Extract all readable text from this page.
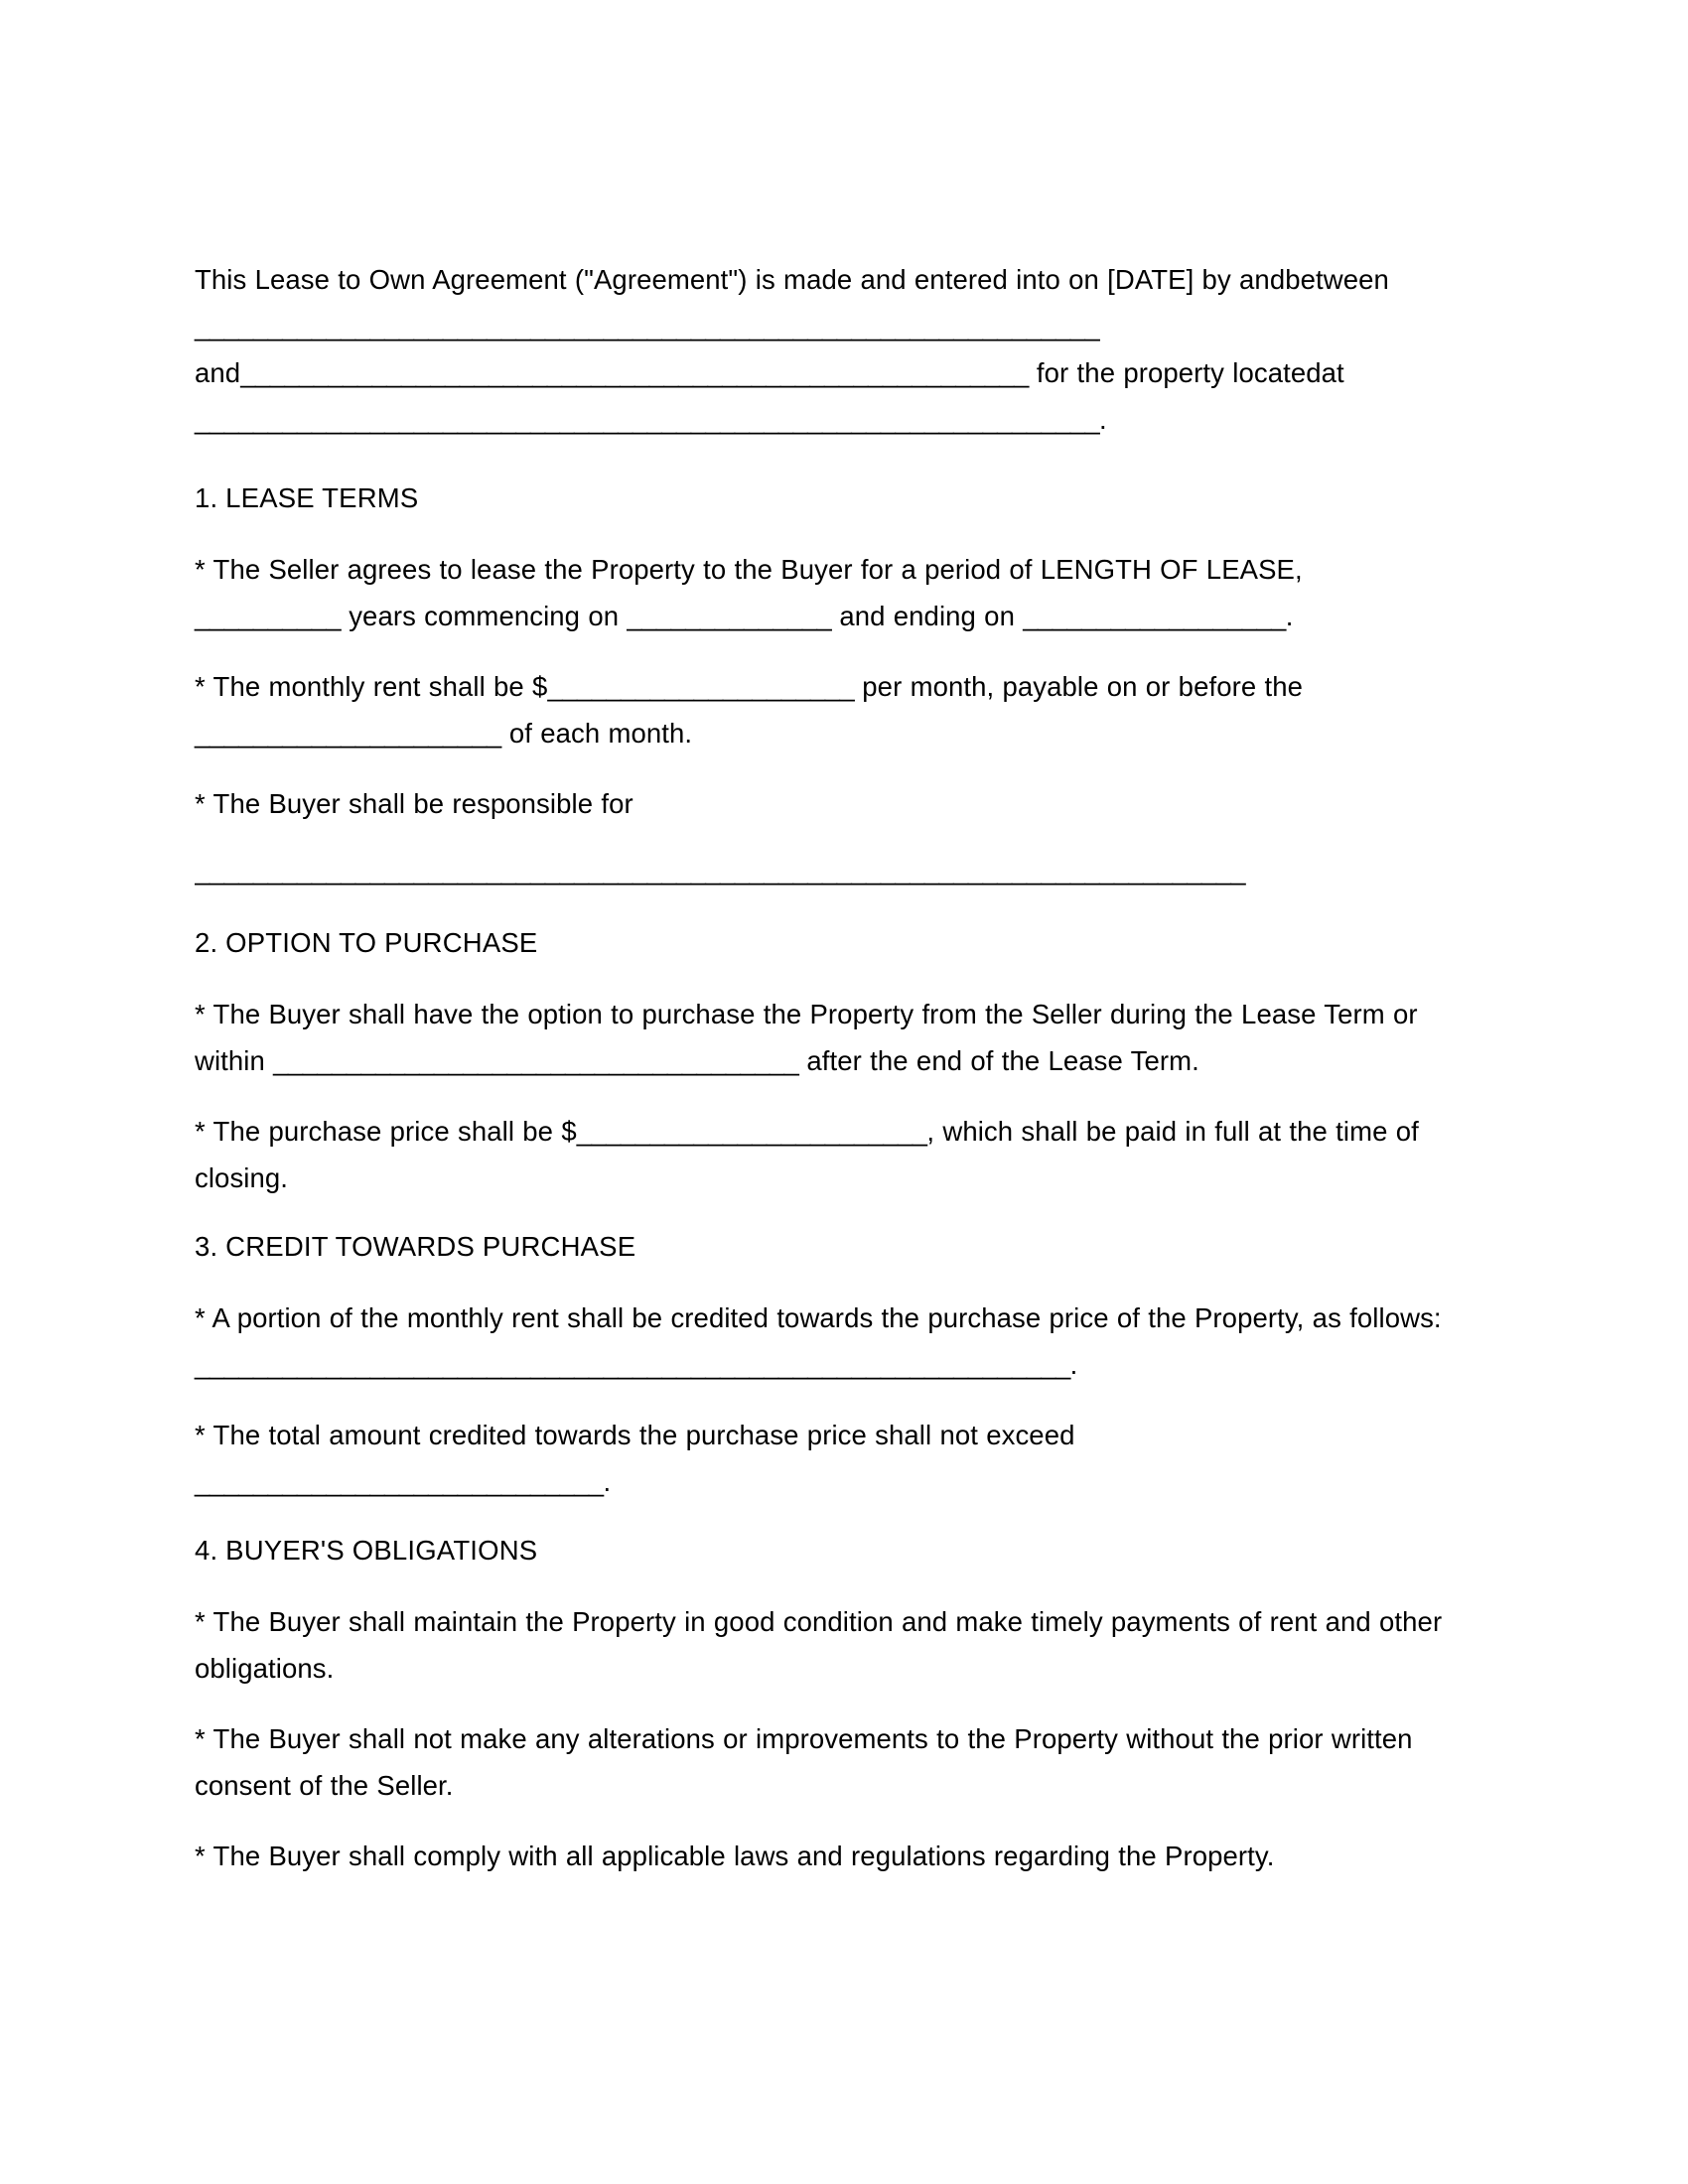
This Lease to Own Agreement ("Agreement") is made and entered into on [DATE] by andbetween ______________________________________________________________ and______________________________________________________ for the property locatedat ______________________________________________________________.

1. LEASE TERMS

* The Seller agrees to lease the Property to the Buyer for a period of LENGTH OF LEASE, __________ years commencing on ______________ and ending on __________________.

* The monthly rent shall be $_____________________ per month, payable on or before the _____________________ of each month.

* The Buyer shall be responsible for

________________________________________________________________________
2. OPTION TO PURCHASE

* The Buyer shall have the option to purchase the Property from the Seller during the Lease Term or within ____________________________________ after the end of the Lease Term.

* The purchase price shall be $________________________, which shall be paid in full at the time of closing.

3. CREDIT TOWARDS PURCHASE

* A portion of the monthly rent shall be credited towards the purchase price of the Property, as follows: ____________________________________________________________.

* The total amount credited towards the purchase price shall not exceed ____________________________.

4. BUYER'S OBLIGATIONS

* The Buyer shall maintain the Property in good condition and make timely payments of rent and other obligations.

* The Buyer shall not make any alterations or improvements to the Property without the prior written consent of the Seller.

* The Buyer shall comply with all applicable laws and regulations regarding the Property.
